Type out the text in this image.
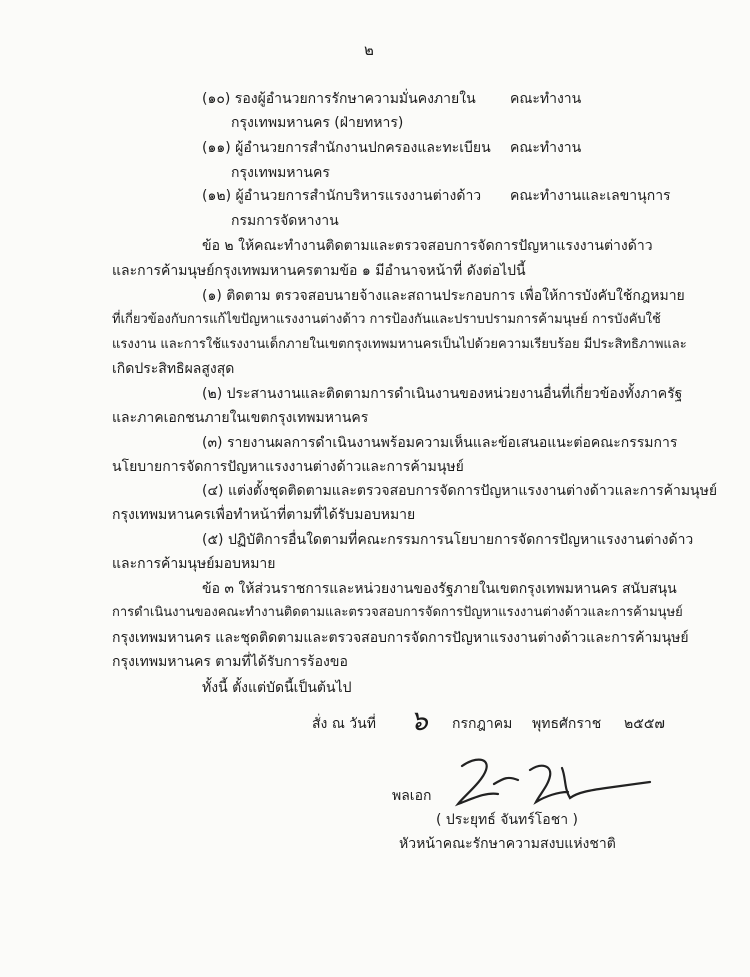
๒
(๑๐) รองผู้อำนวยการรักษาความมั่นคงภายใน คณะทำงาน
กรุงเทพมหานคร (ฝ่ายทหาร)
(๑๑) ผู้อำนวยการสำนักงานปกครองและทะเบียน คณะทำงาน
กรุงเทพมหานคร
(๑๒) ผู้อำนวยการสำนักบริหารแรงงานต่างด้าว คณะทำงานและเลขานุการ
กรมการจัดหางาน
ข้อ ๒ ให้คณะทำงานติดตามและตรวจสอบการจัดการปัญหาแรงงานต่างด้าว
และการค้ามนุษย์กรุงเทพมหานครตามข้อ ๑ มีอำนาจหน้าที่ ดังต่อไปนี้
(๑) ติดตาม ตรวจสอบนายจ้างและสถานประกอบการ เพื่อให้การบังคับใช้กฎหมาย
ที่เกี่ยวข้องกับการแก้ไขปัญหาแรงงานต่างด้าว การป้องกันและปราบปรามการค้ามนุษย์ การบังคับใช้
แรงงาน และการใช้แรงงานเด็กภายในเขตกรุงเทพมหานครเป็นไปด้วยความเรียบร้อย มีประสิทธิภาพและ
เกิดประสิทธิผลสูงสุด
(๒) ประสานงานและติดตามการดำเนินงานของหน่วยงานอื่นที่เกี่ยวข้องทั้งภาครัฐ
และภาคเอกชนภายในเขตกรุงเทพมหานคร
(๓) รายงานผลการดำเนินงานพร้อมความเห็นและข้อเสนอแนะต่อคณะกรรมการ
นโยบายการจัดการปัญหาแรงงานต่างด้าวและการค้ามนุษย์
(๔) แต่งตั้งชุดติดตามและตรวจสอบการจัดการปัญหาแรงงานต่างด้าวและการค้ามนุษย์
กรุงเทพมหานครเพื่อทำหน้าที่ตามที่ได้รับมอบหมาย
(๕) ปฏิบัติการอื่นใดตามที่คณะกรรมการนโยบายการจัดการปัญหาแรงงานต่างด้าว
และการค้ามนุษย์มอบหมาย
ข้อ ๓ ให้ส่วนราชการและหน่วยงานของรัฐภายในเขตกรุงเทพมหานคร สนับสนุน
การดำเนินงานของคณะทำงานติดตามและตรวจสอบการจัดการปัญหาแรงงานต่างด้าวและการค้ามนุษย์
กรุงเทพมหานคร และชุดติดตามและตรวจสอบการจัดการปัญหาแรงงานต่างด้าวและการค้ามนุษย์
กรุงเทพมหานคร ตามที่ได้รับการร้องขอ
ทั้งนี้ ตั้งแต่บัดนี้เป็นต้นไป
สั่ง ณ วันที่ ๖ กรกฎาคม พุทธศักราช ๒๕๕๗
พลเอก
( ประยุทธ์ จันทร์โอชา )
หัวหน้าคณะรักษาความสงบแห่งชาติ
